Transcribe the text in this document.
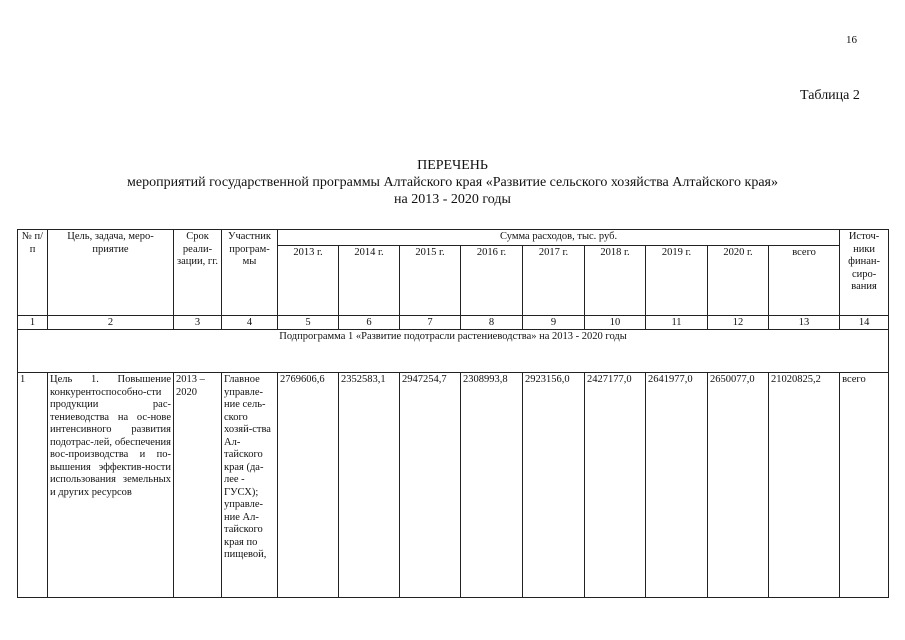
16
Таблица 2
ПЕРЕЧЕНЬ
мероприятий государственной программы Алтайского края «Развитие сельского хозяйства Алтайского края»
на 2013 - 2020 годы
№ п/п	Цель, задача, меро-приятие	Срок реали-зации, гг.	Участник програм-мы	Сумма расходов, тыс. руб.									Источ-ники финан-сиро-вания
				2013 г.	2014 г.	2015 г.	2016 г.	2017 г.	2018 г.	2019 г.	2020 г.	всего	
1	2	3	4	5	6	7	8	9	10	11	12	13	14
Подпрограмма 1 «Развитие подотрасли растениеводства» на 2013 - 2020 годы													
1	Цель 1. Повышение конкурентоспособно-сти продукции рас-тениеводства на ос-нове интенсивного развития подотрас-лей, обеспечения вос-производства и по-вышения эффектив-ности использования земельных и других ресурсов	2013 – 2020	Главное управле-ние сель-ского хозяй-ства Ал-тайского края (да-лее - ГУСХ); управле-ние Ал-тайского края по пищевой,	2769606,6	2352583,1	2947254,7	2308993,8	2923156,0	2427177,0	2641977,0	2650077,0	21020825,2	всего
